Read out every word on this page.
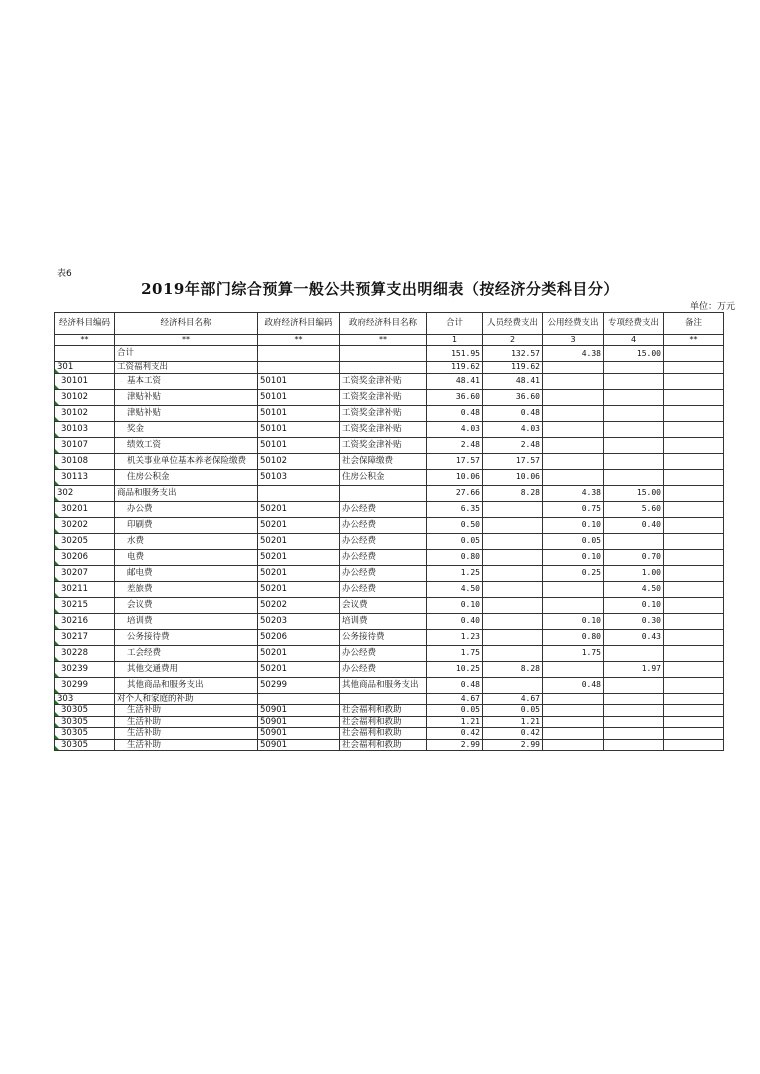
表6
2019年部门综合预算一般公共预算支出明细表（按经济分类科目分）
单位：万元
经济科目编码	经济科目名称	政府经济科目编码	政府经济科目名称	合计	人员经费支出	公用经费支出	专项经费支出	备注
**	**	**	**	1	2	3	4	**
	合计			151.95	132.57	4.38	15.00	
301	工资福利支出			119.62	119.62			
30101	基本工资	50101	工资奖金津补贴	48.41	48.41			
30102	津贴补贴	50101	工资奖金津补贴	36.60	36.60			
30102	津贴补贴	50101	工资奖金津补贴	0.48	0.48			
30103	奖金	50101	工资奖金津补贴	4.03	4.03			
30107	绩效工资	50101	工资奖金津补贴	2.48	2.48			
30108	机关事业单位基本养老保险缴费	50102	社会保障缴费	17.57	17.57			
30113	住房公积金	50103	住房公积金	10.06	10.06			
302	商品和服务支出			27.66	8.28	4.38	15.00	
30201	办公费	50201	办公经费	6.35		0.75	5.60	
30202	印刷费	50201	办公经费	0.50		0.10	0.40	
30205	水费	50201	办公经费	0.05		0.05		
30206	电费	50201	办公经费	0.80		0.10	0.70	
30207	邮电费	50201	办公经费	1.25		0.25	1.00	
30211	差旅费	50201	办公经费	4.50			4.50	
30215	会议费	50202	会议费	0.10			0.10	
30216	培训费	50203	培训费	0.40		0.10	0.30	
30217	公务接待费	50206	公务接待费	1.23		0.80	0.43	
30228	工会经费	50201	办公经费	1.75		1.75		
30239	其他交通费用	50201	办公经费	10.25	8.28		1.97	
30299	其他商品和服务支出	50299	其他商品和服务支出	0.48		0.48		
303	对个人和家庭的补助			4.67	4.67			
30305	生活补助	50901	社会福利和救助	0.05	0.05			
30305	生活补助	50901	社会福利和救助	1.21	1.21			
30305	生活补助	50901	社会福利和救助	0.42	0.42			
30305	生活补助	50901	社会福利和救助	2.99	2.99			
